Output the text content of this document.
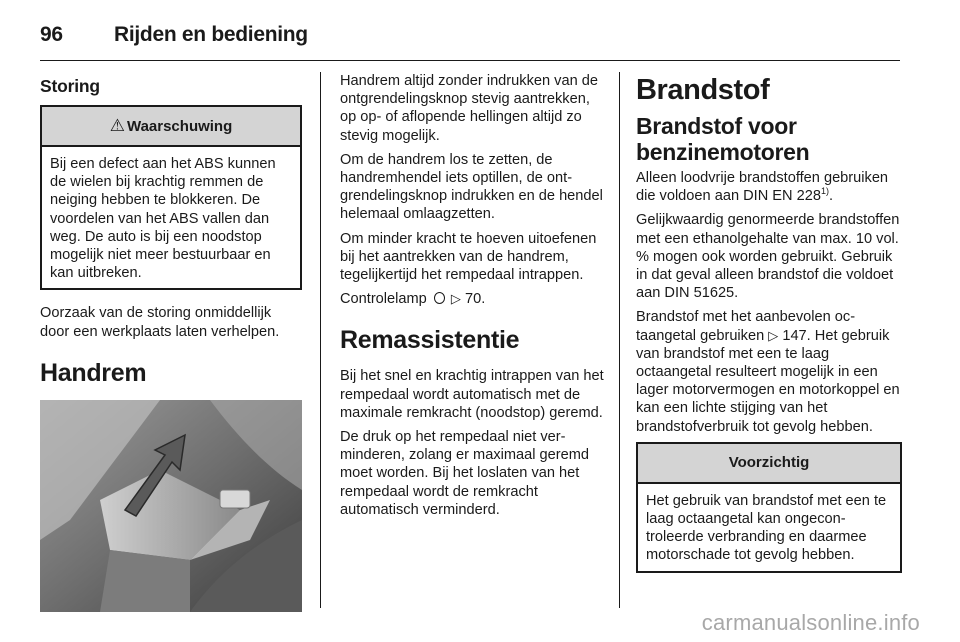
96	Rijden en bediening
Storing
⚠ Waarschuwing

Bij een defect aan het ABS kunnen de wielen bij krachtig remmen de neiging hebben te blokkeren. De voordelen van het ABS vallen dan weg. De auto is bij een noodstop mogelijk niet meer bestuurbaar en kan uitbreken.

Oorzaak van de storing onmiddellijk door een werkplaats laten verhelpen.

Handrem

Handrem altijd zonder indrukken van de ontgrendelingsknop stevig aantrekken, op op- of aflopende hellingen altijd zo stevig mogelijk.

Om de handrem los te zetten, de handremhendel iets optillen, de ontgrendelingsknop indrukken en de hendel helemaal omlaagzetten.

Om minder kracht te hoeven uitoefenen bij het aantrekken van de handrem, tegelijkertijd het rempedaal intrappen.

Controlelamp ▷ 70.

Remassistentie

Bij het snel en krachtig intrappen van het rempedaal wordt automatisch met de maximale remkracht (noodstop) geremd.

De druk op het rempedaal niet verminderen, zolang er maximaal geremd moet worden. Bij het loslaten van het rempedaal wordt de remkracht automatisch verminderd.

Brandstof
Brandstof voor benzinemotoren

Alleen loodvrije brandstoffen gebruiken die voldoen aan DIN EN 228$^{1)}$.

Gelijkwaardig genormeerde brandstoffen met een ethanolgehalte van max. 10 vol. % mogen ook worden gebruikt. Gebruik in dat geval alleen brandstof die voldoet aan DIN 51625.

Brandstof met het aanbevolen octaangetal gebruiken ▷ 147. Het gebruik van brandstof met een te laag octaangetal resulteert mogelijk in een lager motorvermogen en motorkoppel en kan een lichte stijging van het brandstofverbruik tot gevolg hebben.

Voorzichtig

Het gebruik van brandstof met een te laag octaangetal kan ongecontroleerde verbranding en daarmee motorschade tot gevolg hebben.

carmanualsonline.info
